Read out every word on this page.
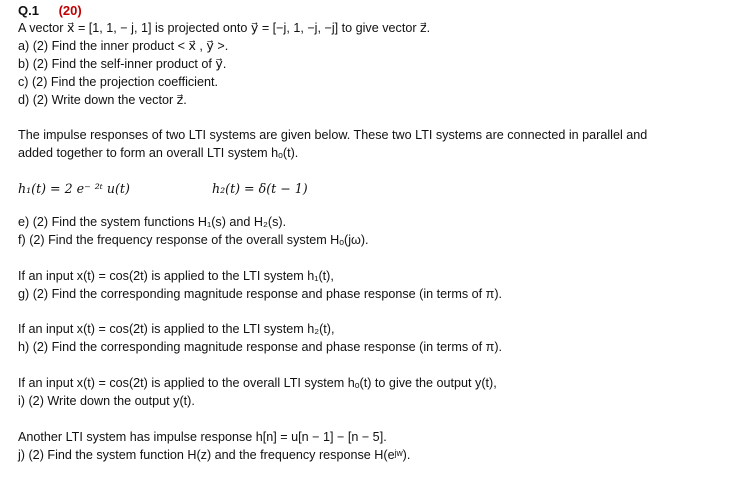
Q.1 (20)
A vector x⃗ = [1, 1, − j, 1] is projected onto y⃗ = [−j, 1, −j, −j] to give vector z⃗.
a) (2) Find the inner product < x⃗ , y⃗ >.
b) (2) Find the self-inner product of y⃗.
c) (2) Find the projection coefficient.
d) (2) Write down the vector z⃗.
The impulse responses of two LTI systems are given below. These two LTI systems are connected in parallel and
added together to form an overall LTI system hₒ(t).
h₁(t) = 2 e⁻ ²ᵗ u(t)	h₂(t) = δ(t − 1)
e) (2) Find the system functions H₁(s) and H₂(s).
f) (2) Find the frequency response of the overall system Hₒ(jω).
If an input x(t) = cos(2t) is applied to the LTI system h₁(t),
g) (2) Find the corresponding magnitude response and phase response (in terms of π).
If an input x(t) = cos(2t) is applied to the LTI system h₂(t),
h) (2) Find the corresponding magnitude response and phase response (in terms of π).
If an input x(t) = cos(2t) is applied to the overall LTI system hₒ(t) to give the output y(t),
i) (2) Write down the output y(t).
Another LTI system has impulse response h[n] = u[n − 1] − [n − 5].
j) (2) Find the system function H(z) and the frequency response H(eʲʷ).
